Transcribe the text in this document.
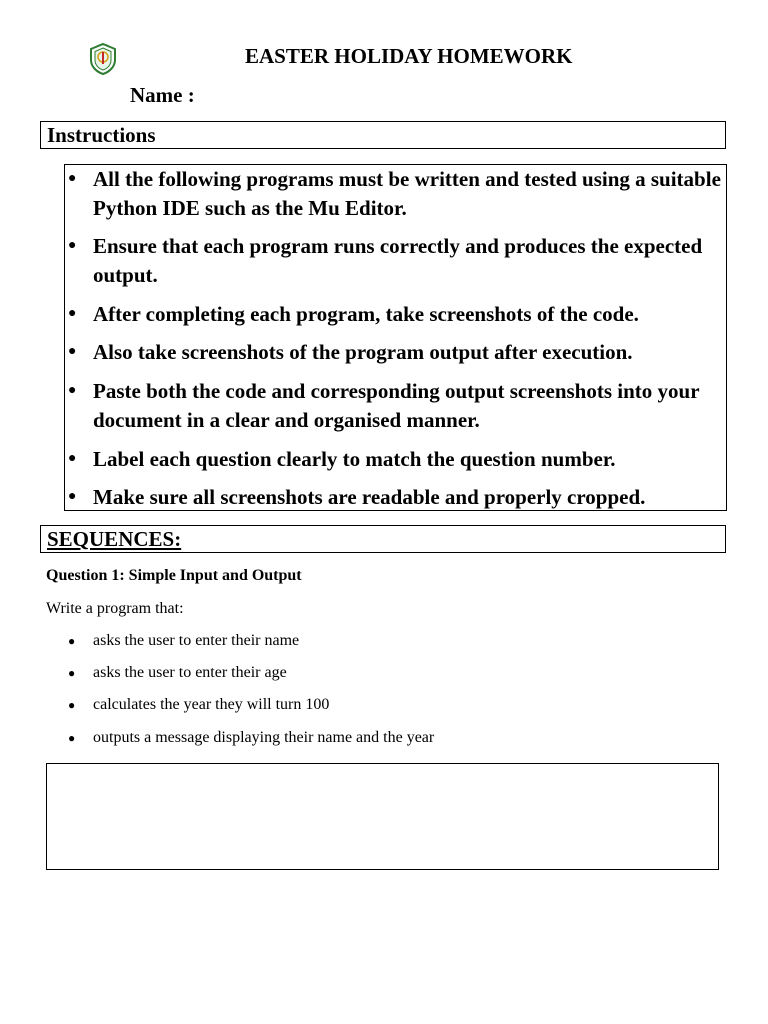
EASTER HOLIDAY HOMEWORK
Name :
Instructions
● All the following programs must be written and tested using a suitable Python IDE such as the Mu Editor.
● Ensure that each program runs correctly and produces the expected output.
● After completing each program, take screenshots of the code.
● Also take screenshots of the program output after execution.
● Paste both the code and corresponding output screenshots into your document in a clear and organised manner.
● Label each question clearly to match the question number.
● Make sure all screenshots are readable and properly cropped.
SEQUENCES:
Question 1: Simple Input and Output
Write a program that:
● asks the user to enter their name
● asks the user to enter their age
● calculates the year they will turn 100
● outputs a message displaying their name and the year
